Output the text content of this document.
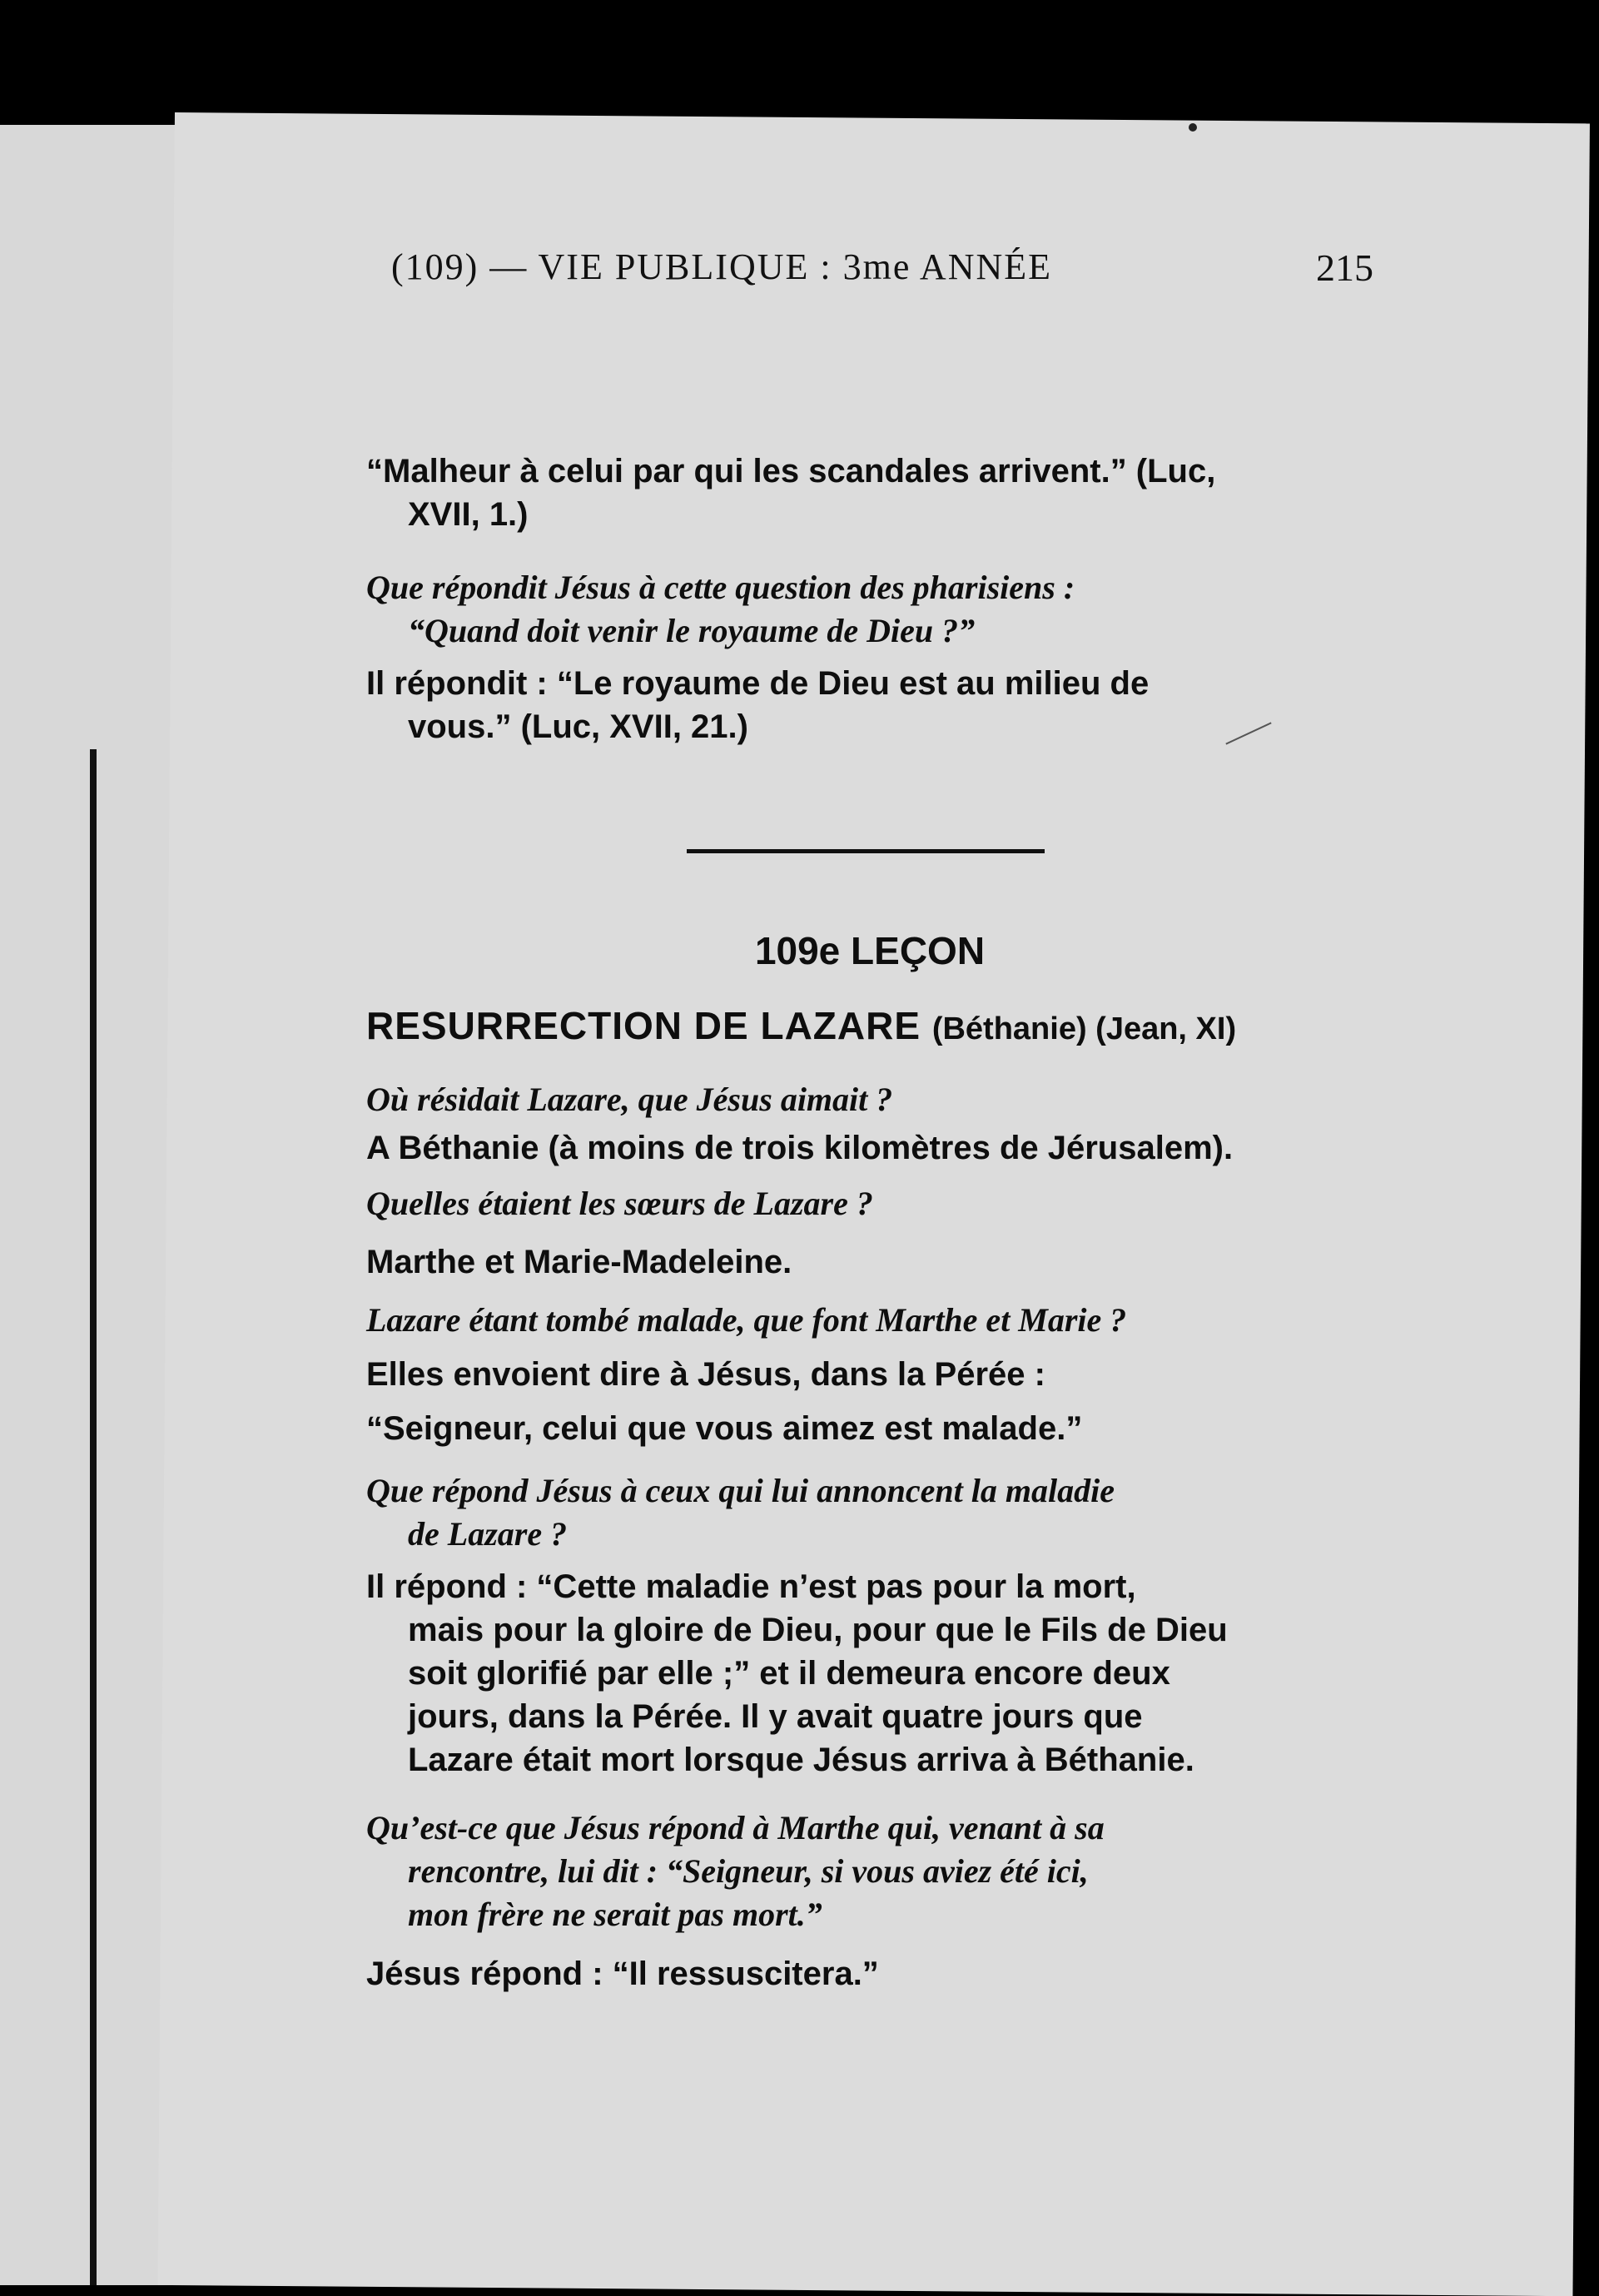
(109) — VIE PUBLIQUE : 3me ANNÉE	215
“Malheur à celui par qui les scandales arrivent.” (Luc,
XVII, 1.)
Que répondit Jésus à cette question des pharisiens :
“Quand doit venir le royaume de Dieu ?”
Il répondit : “Le royaume de Dieu est au milieu de
vous.” (Luc, XVII, 21.)
109e LEÇON
RESURRECTION DE LAZARE (Béthanie) (Jean, XI)
Où résidait Lazare, que Jésus aimait ?
A Béthanie (à moins de trois kilomètres de Jérusalem).
Quelles étaient les sœurs de Lazare ?
Marthe et Marie-Madeleine.
Lazare étant tombé malade, que font Marthe et Marie ?
Elles envoient dire à Jésus, dans la Pérée :
“Seigneur, celui que vous aimez est malade.”
Que répond Jésus à ceux qui lui annoncent la maladie
de Lazare ?
Il répond : “Cette maladie n’est pas pour la mort,
mais pour la gloire de Dieu, pour que le Fils de Dieu
soit glorifié par elle ;” et il demeura encore deux
jours, dans la Pérée. Il y avait quatre jours que
Lazare était mort lorsque Jésus arriva à Béthanie.
Qu’est-ce que Jésus répond à Marthe qui, venant à sa
rencontre, lui dit : “Seigneur, si vous aviez été ici,
mon frère ne serait pas mort.”
Jésus répond : “Il ressuscitera.”
